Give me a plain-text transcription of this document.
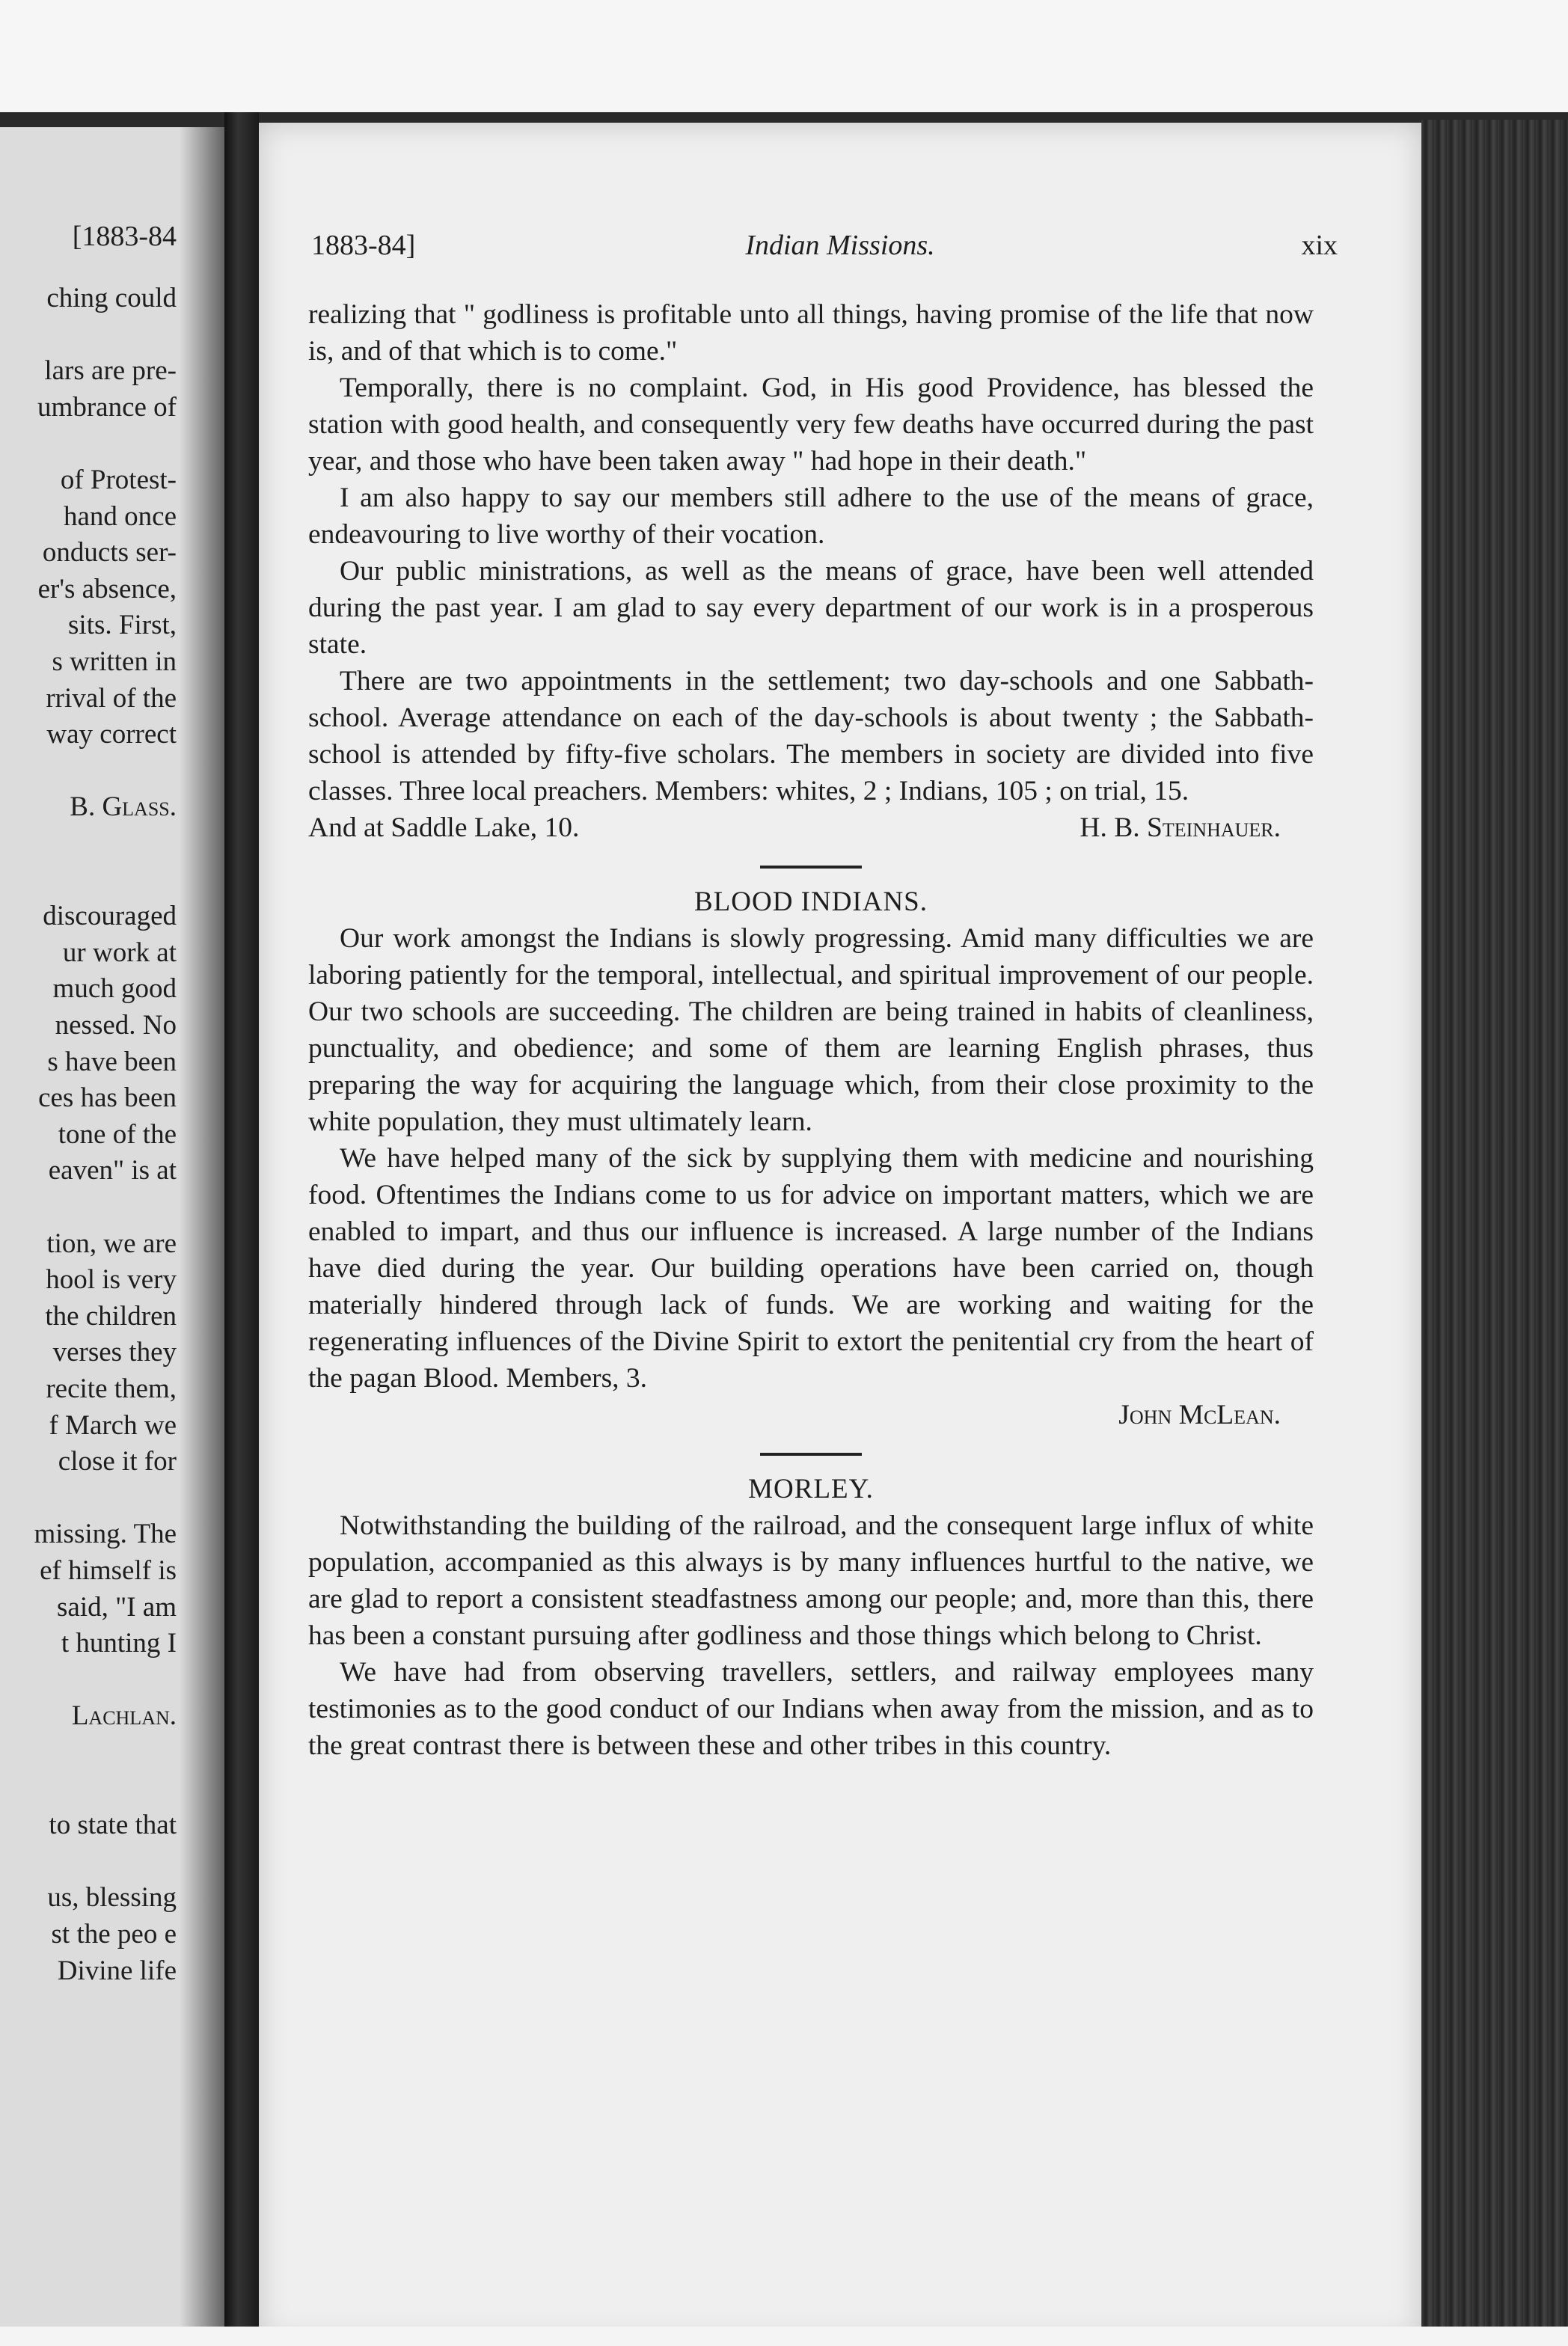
[1883-84
ching could
lars are pre-
umbrance of
of Protest-
hand once
onducts ser-
er's absence,
sits. First,
s written in
rrival of the
way correct
B. Glass.
discouraged
ur work at
much good
nessed. No
s have been
ces has been
tone of the
eaven" is at
tion, we are
hool is very
the children
verses they
recite them,
f March we
close it for
missing. The
ef himself is
said, "I am
t hunting I
Lachlan.
to state that
us, blessing
st the peo e
Divine life
1883-84]	Indian Missions.	xix

realizing that " godliness is profitable unto all things, having promise of the life that now is, and of that which is to come."

Temporally, there is no complaint. God, in His good Providence, has blessed the station with good health, and consequently very few deaths have occurred during the past year, and those who have been taken away " had hope in their death."

I am also happy to say our members still adhere to the use of the means of grace, endeavouring to live worthy of their vocation.

Our public ministrations, as well as the means of grace, have been well attended during the past year. I am glad to say every department of our work is in a prosperous state.

There are two appointments in the settlement; two day-schools and one Sabbath-school. Average attendance on each of the day-schools is about twenty ; the Sabbath-school is attended by fifty-five scholars. The members in society are divided into five classes. Three local preachers. Members: whites, 2 ; Indians, 105 ; on trial, 15.

And at Saddle Lake, 10.	H. B. Steinhauer.
BLOOD INDIANS.

Our work amongst the Indians is slowly progressing. Amid many difficulties we are laboring patiently for the temporal, intellectual, and spiritual improvement of our people. Our two schools are succeeding. The children are being trained in habits of cleanliness, punctuality, and obedience; and some of them are learning English phrases, thus preparing the way for acquiring the language which, from their close proximity to the white population, they must ultimately learn.

We have helped many of the sick by supplying them with medicine and nourishing food. Oftentimes the Indians come to us for advice on important matters, which we are enabled to impart, and thus our influence is increased. A large number of the Indians have died during the year. Our building operations have been carried on, though materially hindered through lack of funds. We are working and waiting for the regenerating influences of the Divine Spirit to extort the penitential cry from the heart of the pagan Blood. Members, 3.

John McLean.
MORLEY.

Notwithstanding the building of the railroad, and the consequent large influx of white population, accompanied as this always is by many influences hurtful to the native, we are glad to report a consistent steadfastness among our people; and, more than this, there has been a constant pursuing after godliness and those things which belong to Christ.

We have had from observing travellers, settlers, and railway employees many testimonies as to the good conduct of our Indians when away from the mission, and as to the great contrast there is between these and other tribes in this country.
